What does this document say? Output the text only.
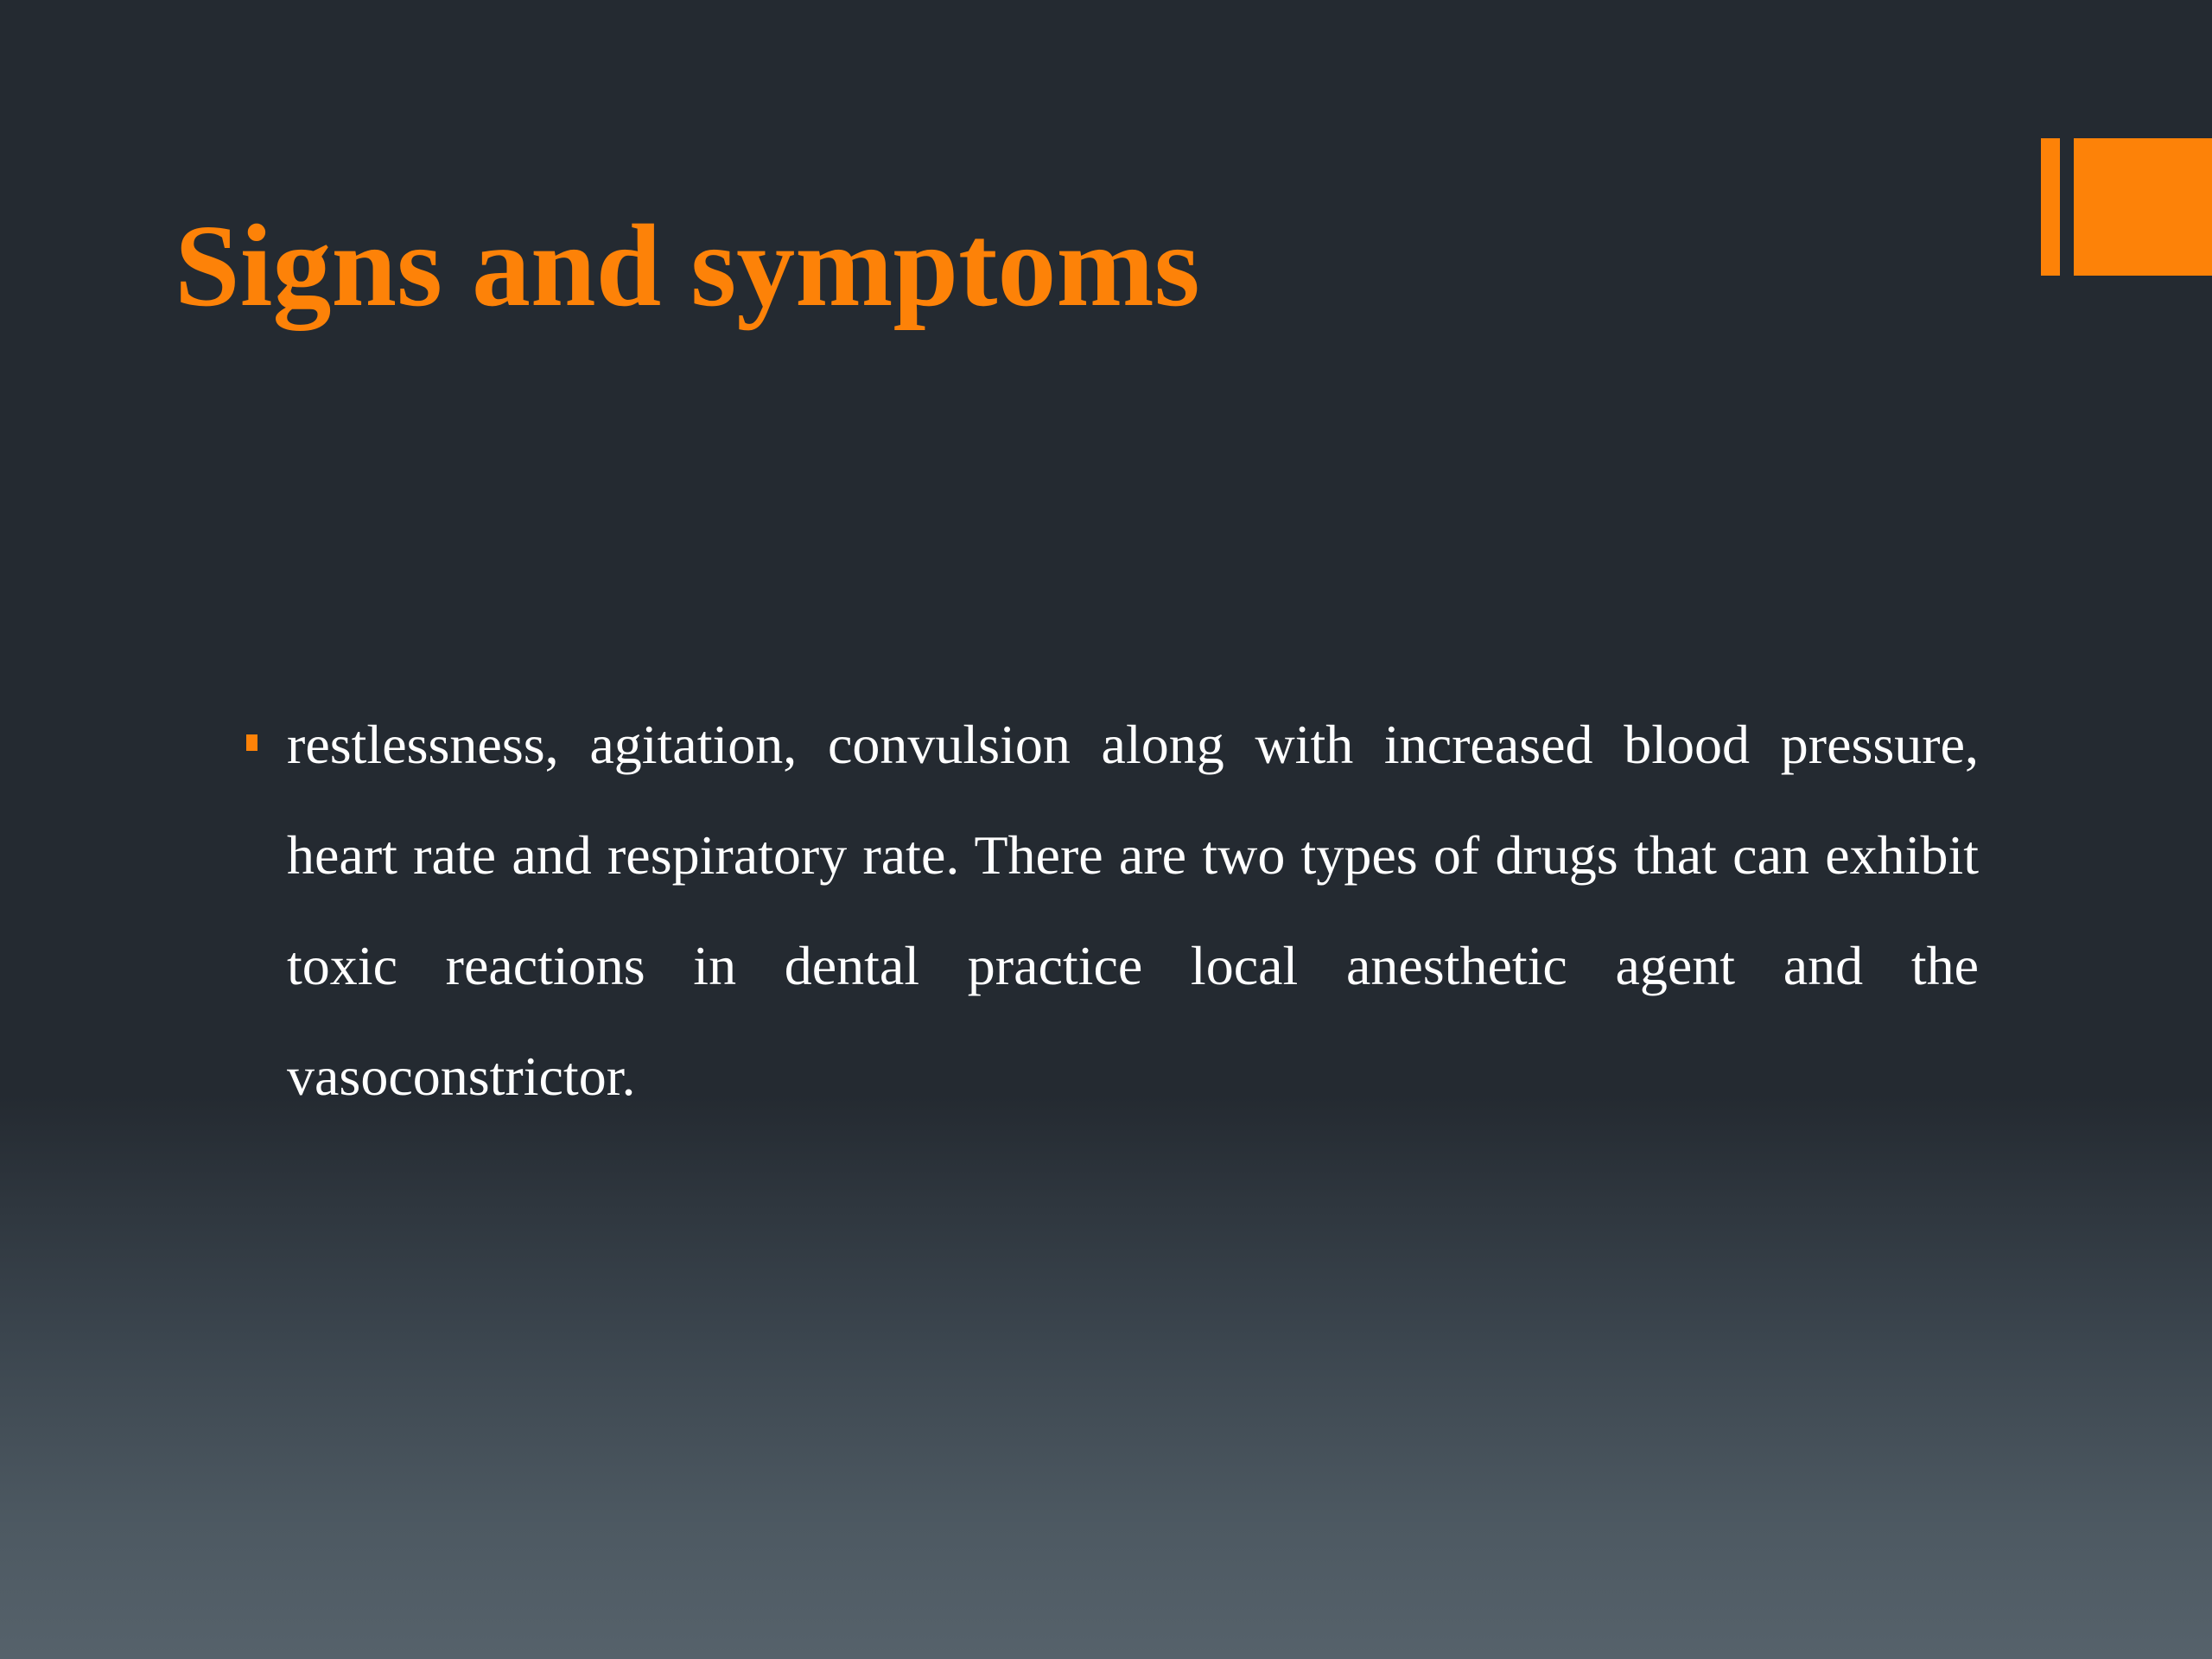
Signs and symptoms
restlessness, agitation, convulsion along with increased blood pressure, heart rate and respiratory rate. There are two types of drugs that can exhibit toxic reactions in dental practice local anesthetic agent and the vasoconstrictor.
